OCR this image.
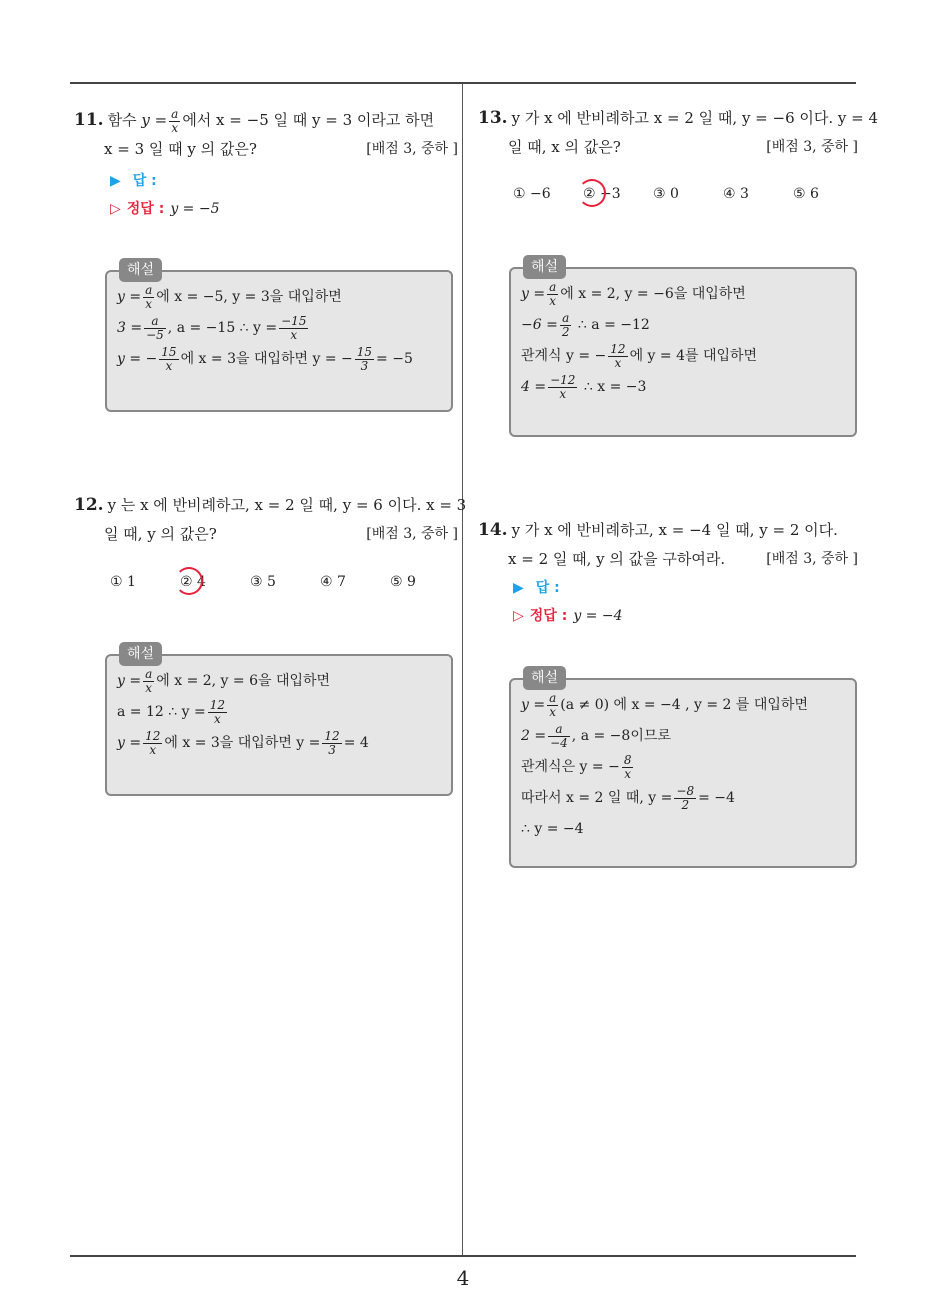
11. 함수 $y = \frac{a}{x}$ 에서 x = −5 일 때 y = 3 이라고 하면
x = 3 일 때 y 의 값은?	[배점 3, 중하 ]
▶ 답 :
▷ 정답 : y = −5
해설
$y = \frac{a}{x}$ 에 x = −5, y = 3을 대입하면
$3 = \frac{a}{-5}$ , a = −15 ∴ $y = \frac{-15}{x}$
y = − $\frac{15}{x}$ 에 x = 3을 대입하면 y = − $\frac{15}{3} = -5$
12. y 는 x 에 반비례하고, x = 2 일 때, y = 6 이다. x = 3
일 때, y 의 값은?	[배점 3, 중하 ]
① 1	② 4	③ 5	④ 7	⑤ 9
해설
$y = \frac{a}{x}$ 에 x = 2, y = 6을 대입하면
a = 12 ∴ $y = \frac{12}{x}$
$y = \frac{12}{x}$ 에 x = 3을 대입하면 $y = \frac{12}{3} = 4$
13. y 가 x 에 반비례하고 x = 2 일 때, y = −6 이다. y = 4
일 때, x 의 값은?	[배점 3, 중하 ]
① −6	② −3	③ 0	④ 3	⑤ 6
해설
$y = \frac{a}{x}$ 에 x = 2, y = −6을 대입하면
$-6 = \frac{a}{2}$ ∴ a = −12
관계식 y = − $\frac{12}{x}$ 에 y = 4를 대입하면
$4 = \frac{-12}{x}$ ∴ x = −3
14. y 가 x 에 반비례하고, x = −4 일 때, y = 2 이다.
x = 2 일 때, y 의 값을 구하여라.	[배점 3, 중하 ]
▶ 답 :
▷ 정답 : y = −4
해설
$y = \frac{a}{x} (a \ne 0)$ 에 x = −4 , y = 2 를 대입하면
$2 = \frac{a}{-4}$ , a = −8이므로
관계식은 y = − $\frac{8}{x}$
따라서 x = 2 일 때, $y = \frac{-8}{2} = -4$
∴ y = −4
4
